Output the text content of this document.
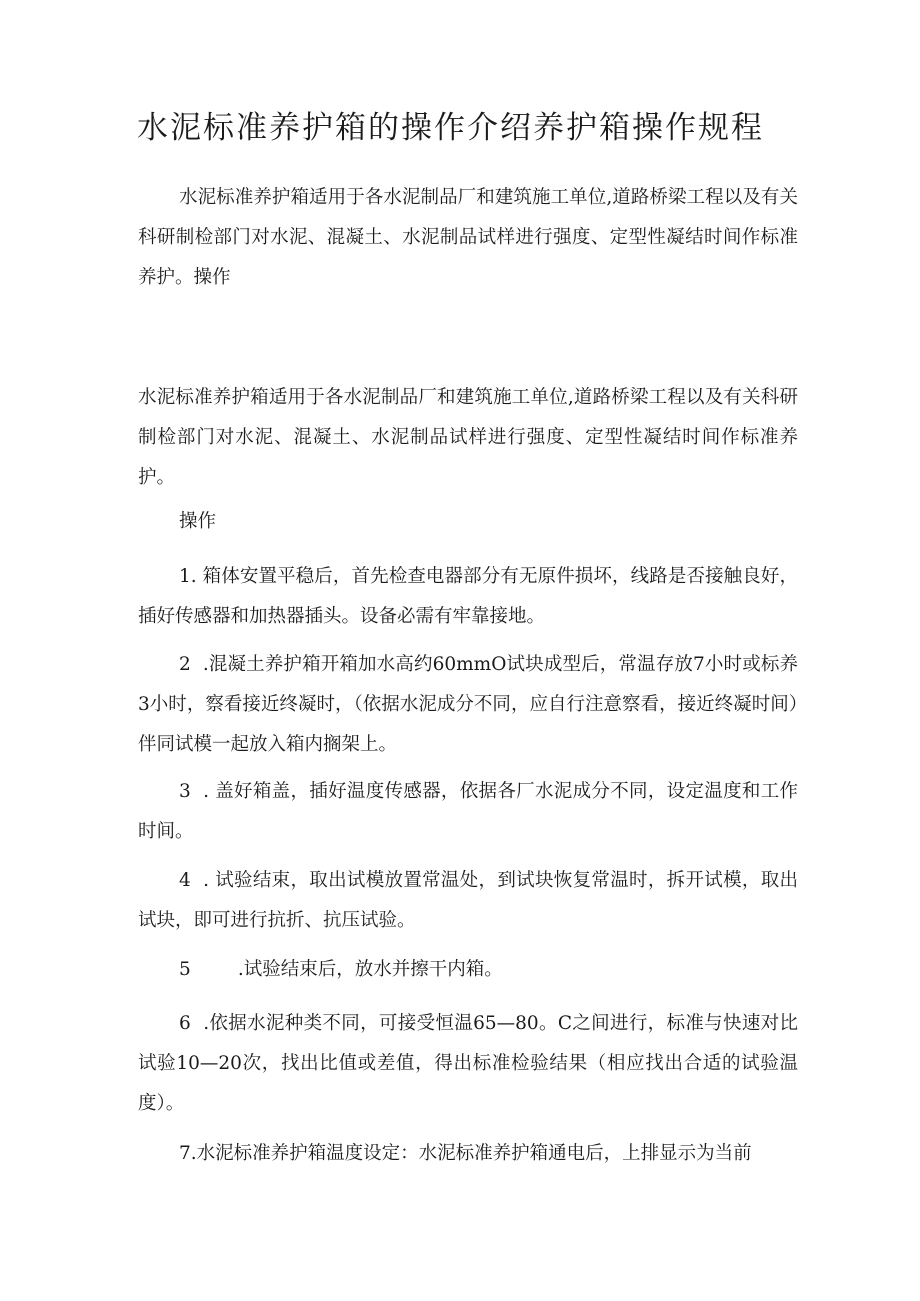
水泥标准养护箱的操作介绍养护箱操作规程

水泥标准养护箱适用于各水泥制品厂和建筑施工单位,道路桥梁工程以及有关科研制检部门对水泥、混凝土、水泥制品试样进行强度、定型性凝结时间作标准养护。操作

水泥标准养护箱适用于各水泥制品厂和建筑施工单位,道路桥梁工程以及有关科研制检部门对水泥、混凝土、水泥制品试样进行强度、定型性凝结时间作标准养护。

操作

1. 箱体安置平稳后，首先检查电器部分有无原件损坏，线路是否接触良好，插好传感器和加热器插头。设备必需有牢靠接地。

2  .混凝土养护箱开箱加水高约60mmO试块成型后，常温存放7小时或标养3小时，察看接近终凝时，（依据水泥成分不同，应自行注意察看，接近终凝时间）伴同试模一起放入箱内搁架上。

3  . 盖好箱盖，插好温度传感器，依据各厂水泥成分不同，设定温度和工作时间。

4  . 试验结束，取出试模放置常温处，到试块恢复常温时，拆开试模，取出试块，即可进行抗折、抗压试验。

5        .试验结束后，放水并擦干内箱。

6  .依据水泥种类不同，可接受恒温65—80。C之间进行，标准与快速对比试验10—20次，找出比值或差值，得出标准检验结果（相应找出合适的试验温度）。

7.水泥标准养护箱温度设定：水泥标准养护箱通电后，上排显示为当前
